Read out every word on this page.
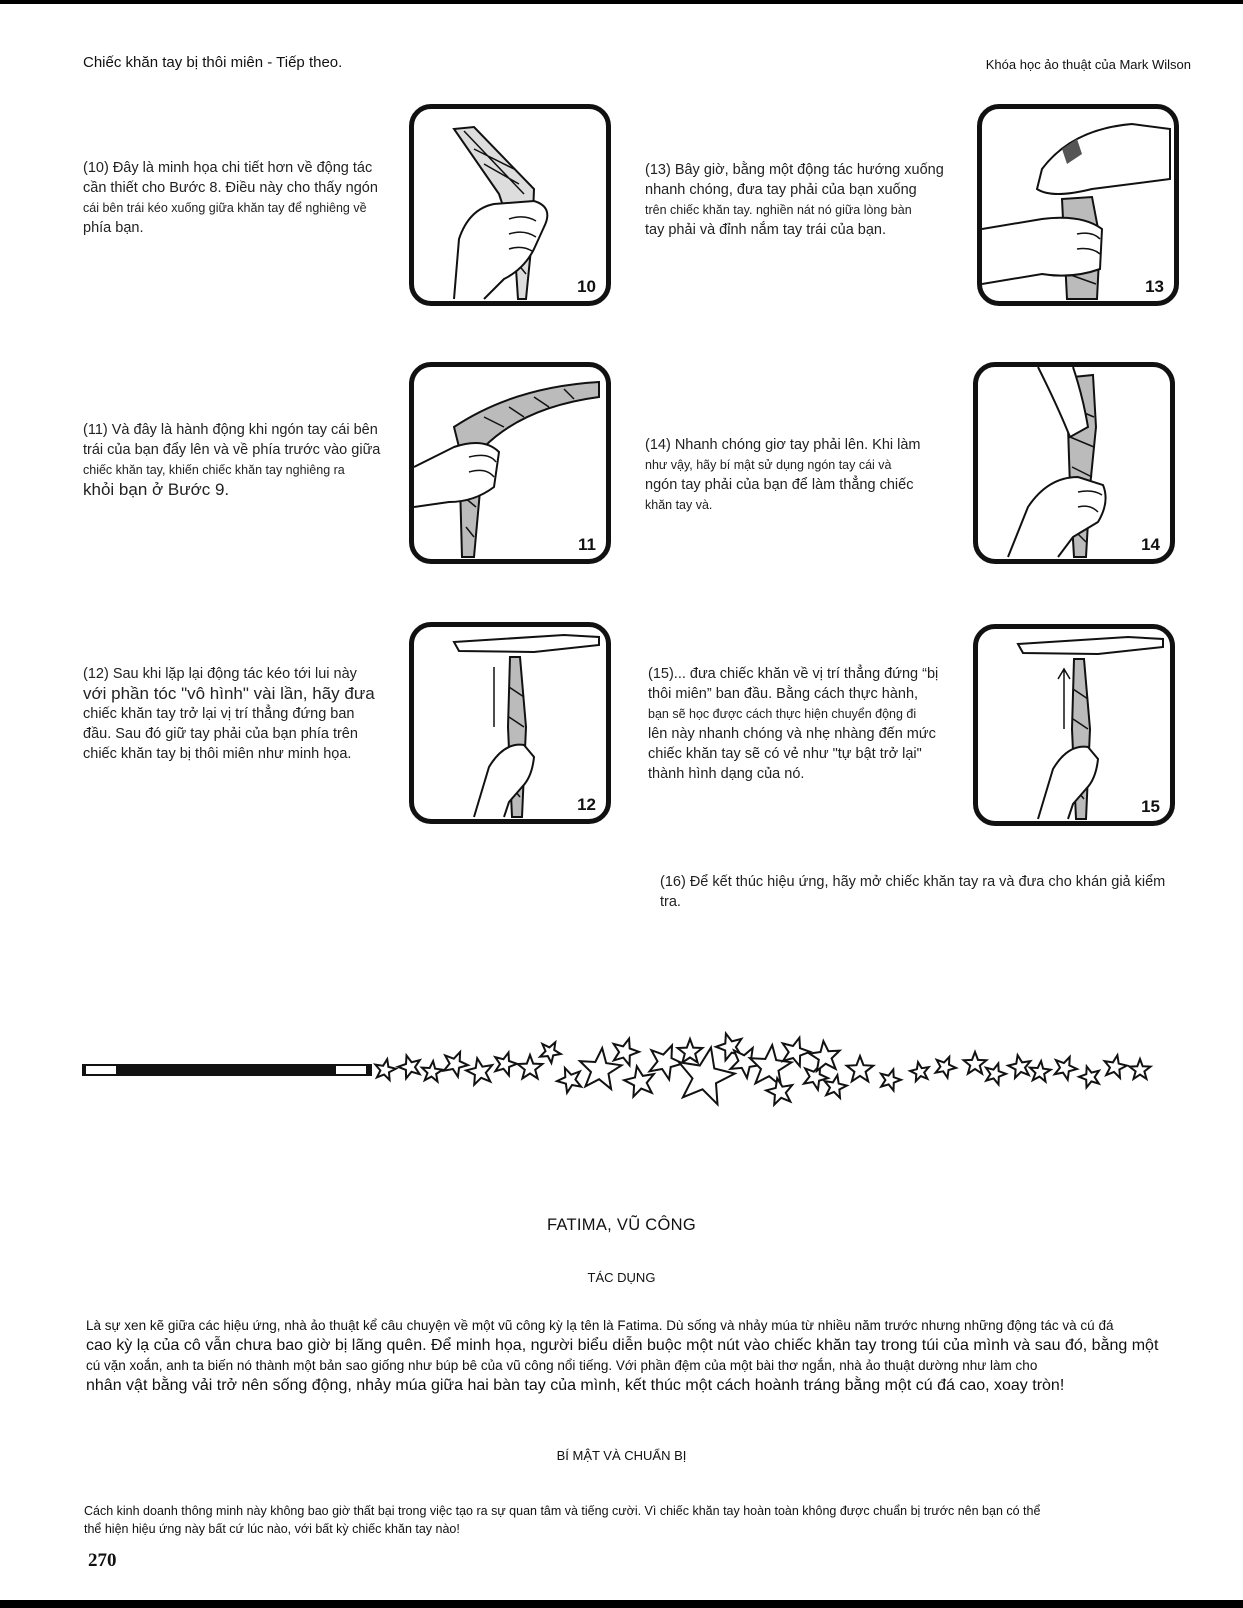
Chiếc khăn tay bị thôi miên - Tiếp theo.	Khóa học ảo thuật của Mark Wilson
(10) Đây là minh họa chi tiết hơn về động tác
cần thiết cho Bước 8. Điều này cho thấy ngón
cái bên trái kéo xuống giữa khăn tay để nghiêng về
phía bạn.
10
(13) Bây giờ, bằng một động tác hướng xuống
nhanh chóng, đưa tay phải của bạn xuống
trên chiếc khăn tay. nghiền nát nó giữa lòng bàn
tay phải và đỉnh nắm tay trái của bạn.
13
(11) Và đây là hành động khi ngón tay cái bên
trái của bạn đẩy lên và về phía trước vào giữa
chiếc khăn tay, khiến chiếc khăn tay nghiêng ra
khỏi bạn ở Bước 9.
11
(14) Nhanh chóng giơ tay phải lên. Khi làm
như vậy, hãy bí mật sử dụng ngón tay cái và
ngón tay phải của bạn để làm thẳng chiếc
khăn tay và.
14
(12) Sau khi lặp lại động tác kéo tới lui này
với phần tóc "vô hình" vài lần, hãy đưa
chiếc khăn tay trở lại vị trí thẳng đứng ban
đầu. Sau đó giữ tay phải của bạn phía trên
chiếc khăn tay bị thôi miên như minh họa.
12
(15)... đưa chiếc khăn về vị trí thẳng đứng “bị
thôi miên” ban đầu. Bằng cách thực hành,
bạn sẽ học được cách thực hiện chuyển động đi
lên này nhanh chóng và nhẹ nhàng đến mức
chiếc khăn tay sẽ có vẻ như "tự bật trở lại"
thành hình dạng của nó.
15
(16) Để kết thúc hiệu ứng, hãy mở chiếc khăn tay ra và đưa cho khán giả kiểm
tra.
FATIMA, VŨ CÔNG
TÁC DỤNG
Là sự xen kẽ giữa các hiệu ứng, nhà ảo thuật kể câu chuyện về một vũ công kỳ lạ tên là Fatima. Dù sống và nhảy múa từ nhiều năm trước nhưng những động tác và cú đá
cao kỳ lạ của cô vẫn chưa bao giờ bị lãng quên. Để minh họa, người biểu diễn buộc một nút vào chiếc khăn tay trong túi của mình và sau đó, bằng một
cú vặn xoắn, anh ta biến nó thành một bản sao giống như búp bê của vũ công nổi tiếng. Với phần đệm của một bài thơ ngắn, nhà ảo thuật dường như làm cho
nhân vật bằng vải trở nên sống động, nhảy múa giữa hai bàn tay của mình, kết thúc một cách hoành tráng bằng một cú đá cao, xoay tròn!
BÍ MẬT VÀ CHUẨN BỊ
Cách kinh doanh thông minh này không bao giờ thất bại trong việc tạo ra sự quan tâm và tiếng cười. Vì chiếc khăn tay hoàn toàn không được chuẩn bị trước nên bạn có thể
thể hiện hiệu ứng này bất cứ lúc nào, với bất kỳ chiếc khăn tay nào!
270
